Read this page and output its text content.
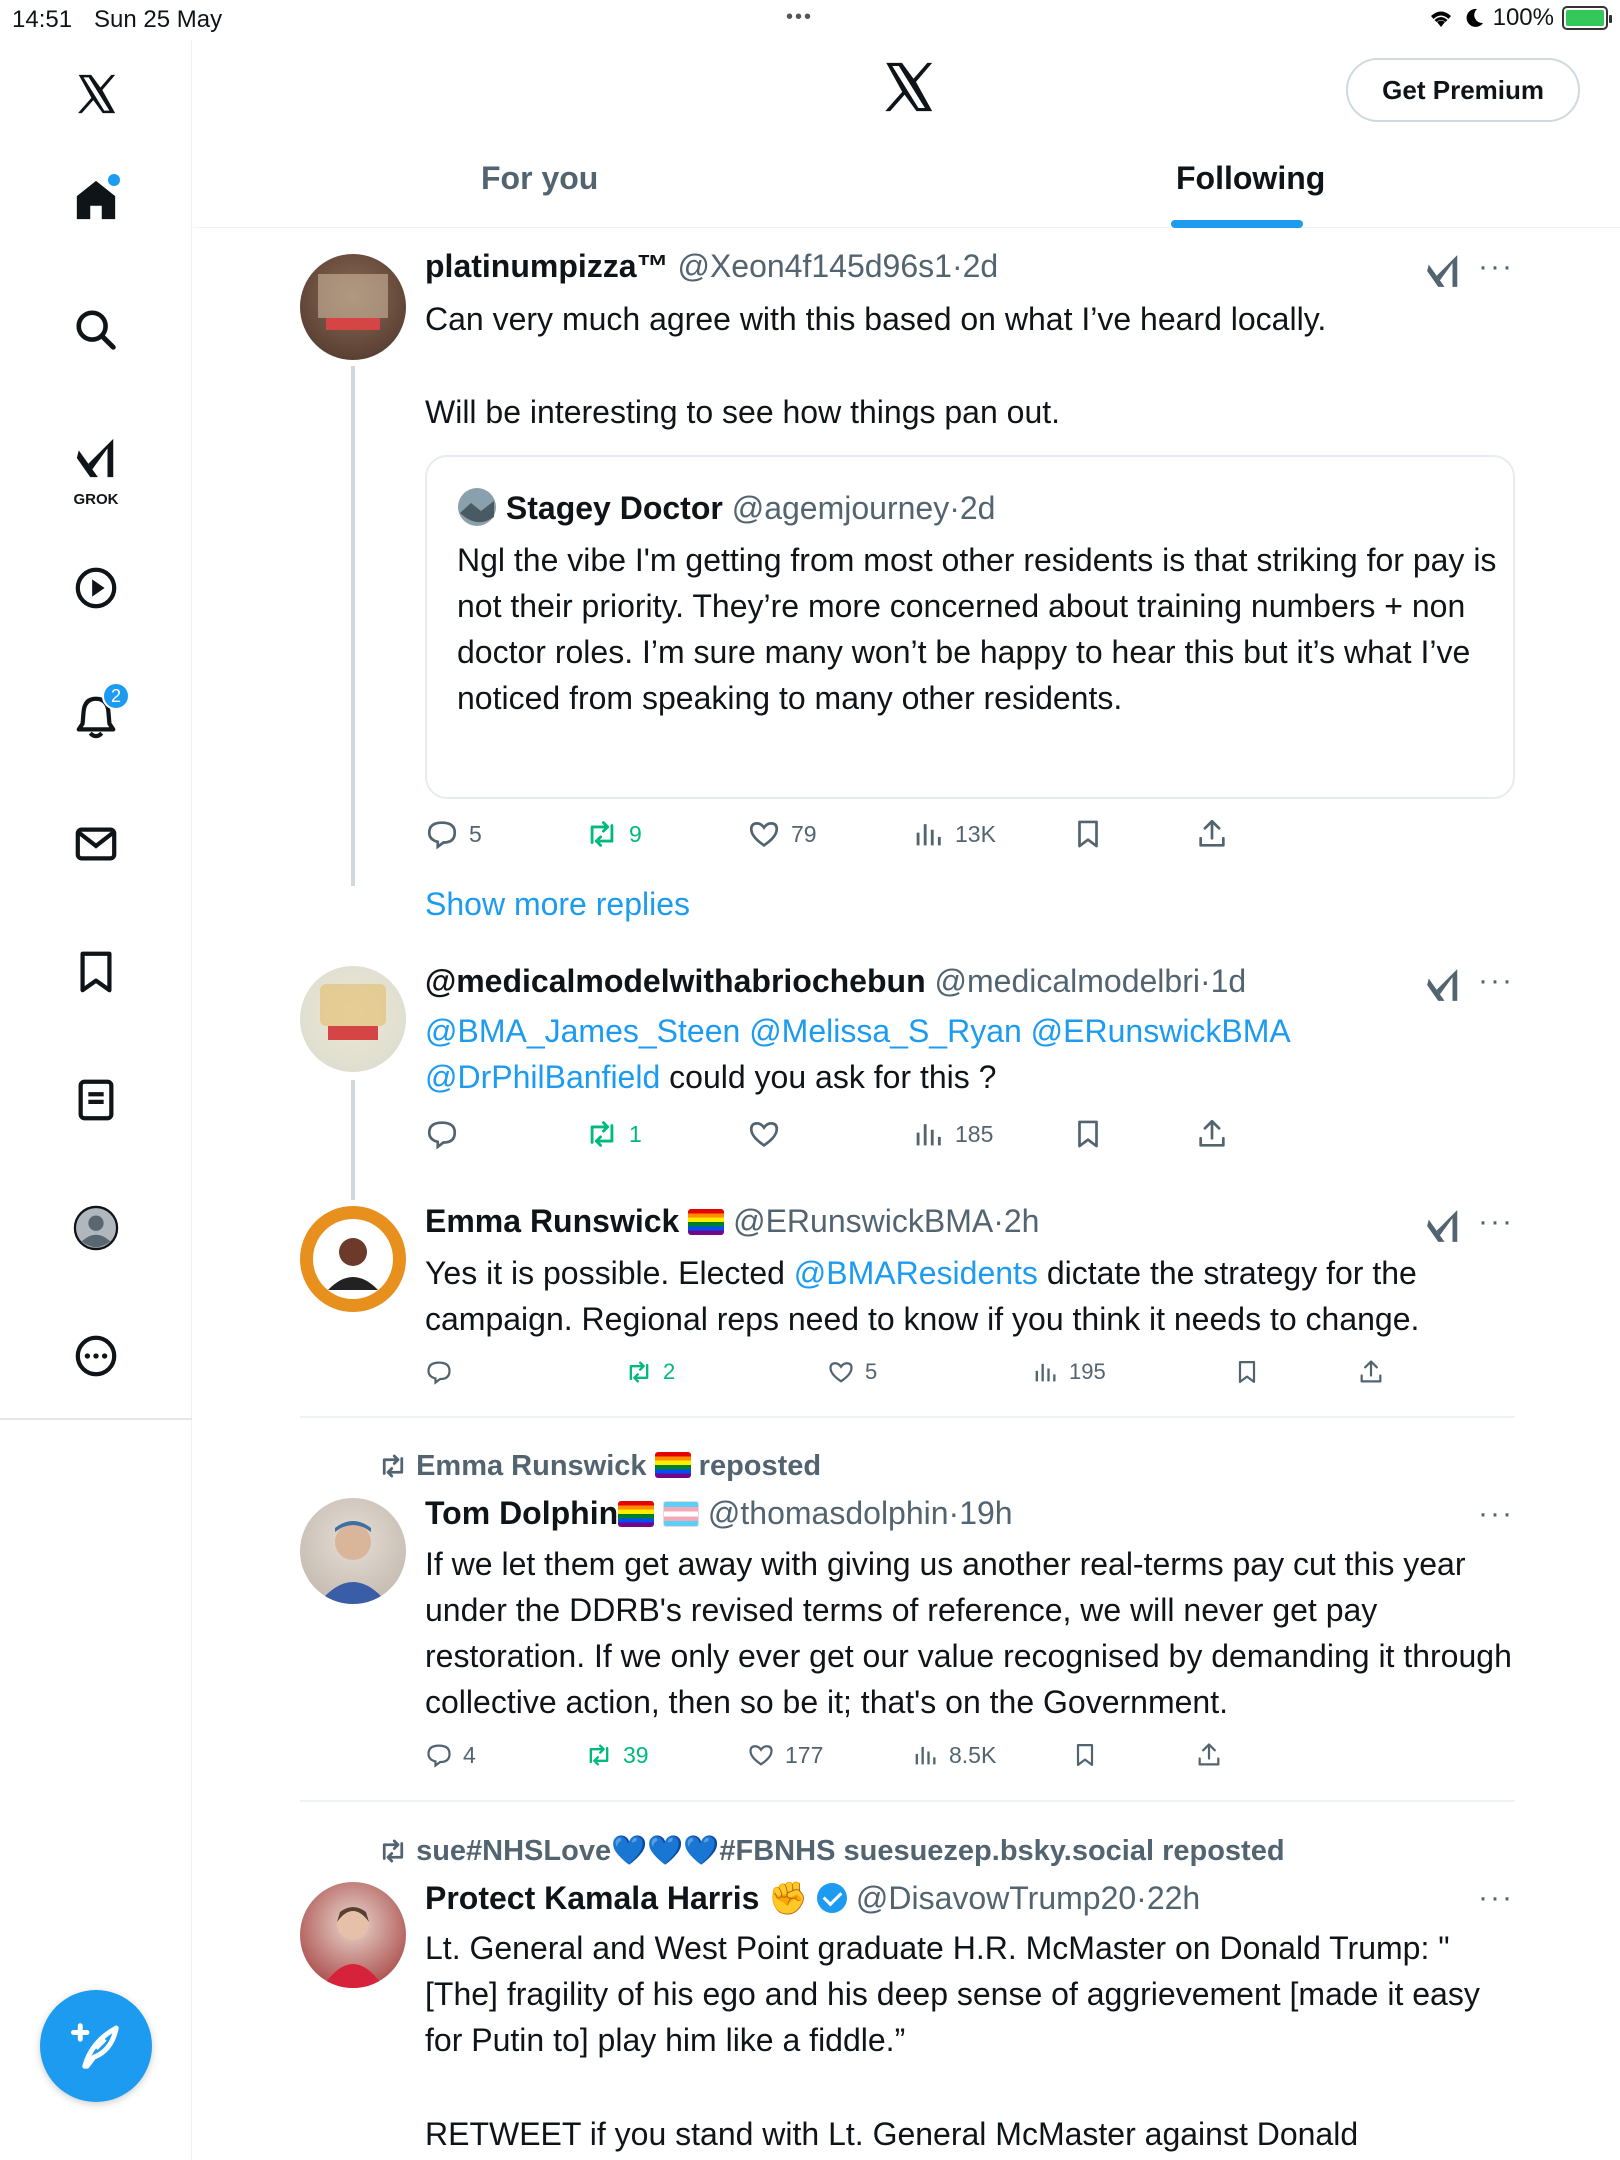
14:51 Sun 25 May	•••	100%
GROK
2
Get Premium
For you	Following
platinumpizza™ @Xeon4f145d96s1·2d	···
Can very much agree with this based on what I’ve heard locally.
Will be interesting to see how things pan out.
Stagey Doctor @agemjourney·2d
Ngl the vibe I'm getting from most other residents is that striking for pay is not their priority. They’re more concerned about training numbers + non doctor roles. I’m sure many won’t be happy to hear this but it’s what I’ve noticed from speaking to many other residents.
5	9	79	13K
Show more replies
@medicalmodelwithabriochebun @medicalmodelbri·1d	···
@BMA_James_Steen @Melissa_S_Ryan @ERunswickBMA @DrPhilBanfield could you ask for this ?
1	185
Emma Runswick @ERunswickBMA·2h	···
Yes it is possible. Elected @BMAResidents dictate the strategy for the campaign. Regional reps need to know if you think it needs to change.
2	5	195
Emma Runswick reposted
Tom Dolphin	@thomasdolphin·19h	···
If we let them get away with giving us another real-terms pay cut this year under the DDRB's revised terms of reference, we will never get pay restoration. If we only ever get our value recognised by demanding it through collective action, then so be it; that's on the Government.
4	39	177	8.5K
sue#NHSLove💙💙💙#FBNHS suesuezep.bsky.social reposted
Protect Kamala Harris ✊ @DisavowTrump20·22h	···
Lt. General and West Point graduate H.R. McMaster on Donald Trump: "[The] fragility of his ego and his deep sense of aggrievement [made it easy for Putin to] play him like a fiddle.”
RETWEET if you stand with Lt. General McMaster against Donald
